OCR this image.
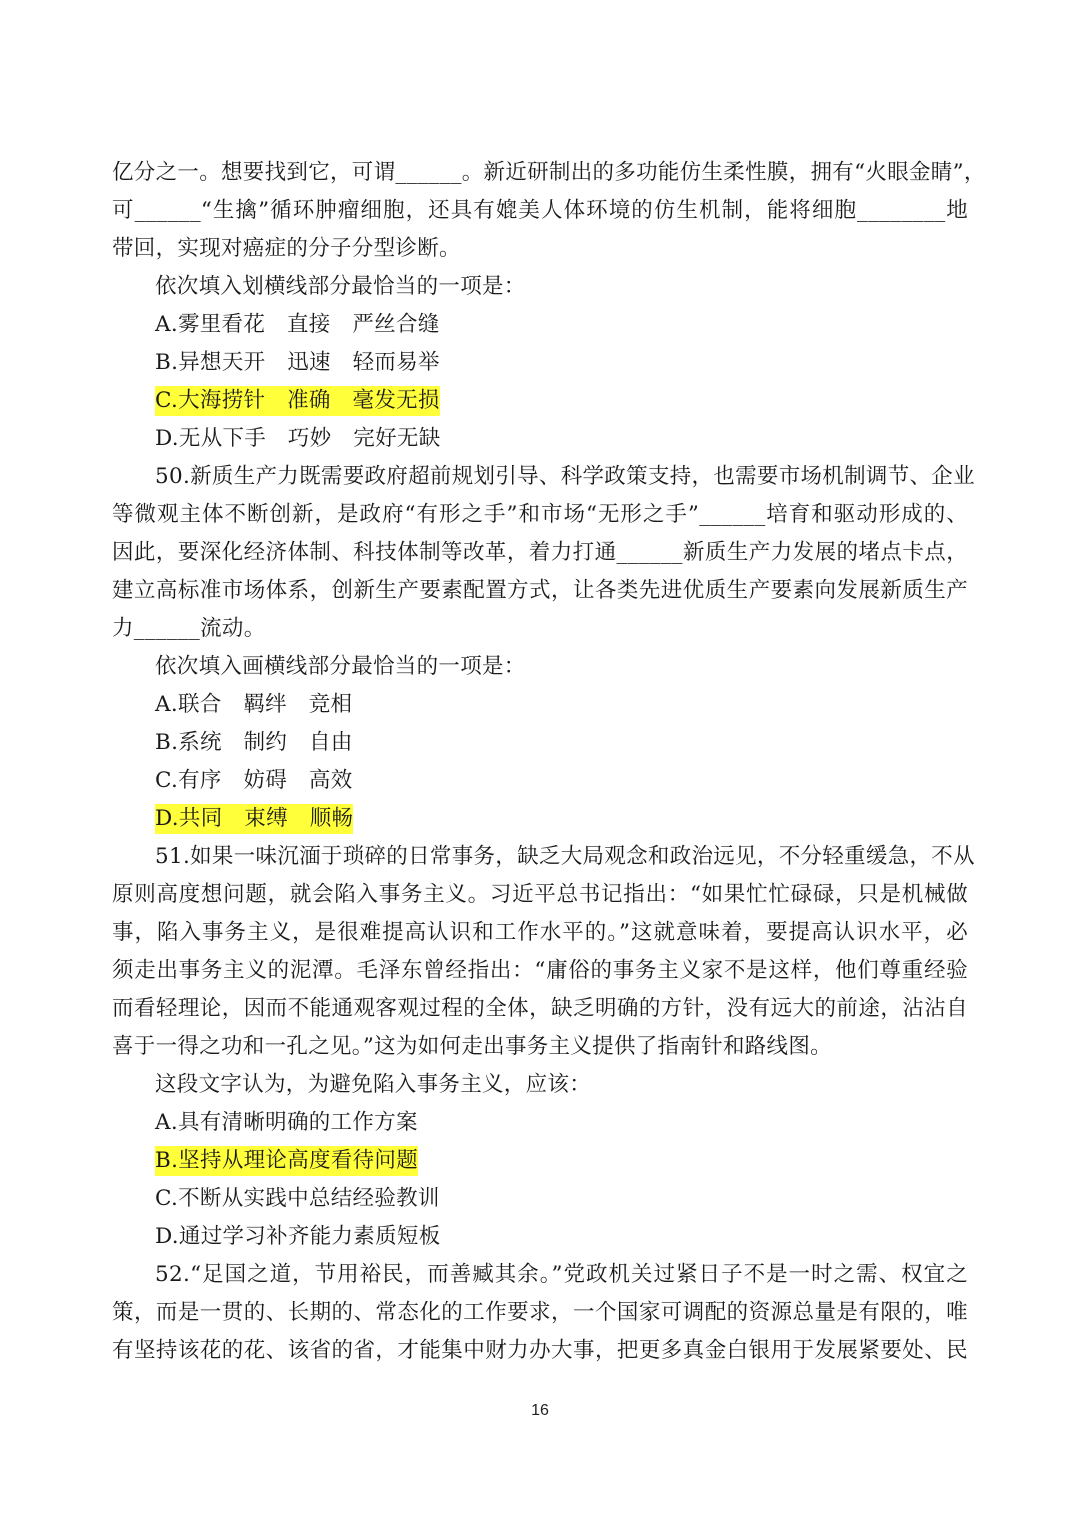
亿分之一。想要找到它，可谓______。新近研制出的多功能仿生柔性膜，拥有“火眼金睛”，
可______“生擒”循环肿瘤细胞，还具有媲美人体环境的仿生机制，能将细胞________地
带回，实现对癌症的分子分型诊断。
依次填入划横线部分最恰当的一项是：
A.雾里看花　直接　严丝合缝
B.异想天开　迅速　轻而易举
C.大海捞针　准确　毫发无损
D.无从下手　巧妙　完好无缺
50.新质生产力既需要政府超前规划引导、科学政策支持，也需要市场机制调节、企业
等微观主体不断创新，是政府“有形之手”和市场“无形之手”______培育和驱动形成的、
因此，要深化经济体制、科技体制等改革，着力打通______新质生产力发展的堵点卡点，
建立高标准市场体系，创新生产要素配置方式，让各类先进优质生产要素向发展新质生产
力______流动。
依次填入画横线部分最恰当的一项是：
A.联合　羁绊　竞相
B.系统　制约　自由
C.有序　妨碍　高效
D.共同　束缚　顺畅
51.如果一味沉湎于琐碎的日常事务，缺乏大局观念和政治远见，不分轻重缓急，不从
原则高度想问题，就会陷入事务主义。习近平总书记指出：“如果忙忙碌碌，只是机械做
事，陷入事务主义，是很难提高认识和工作水平的。”这就意味着，要提高认识水平，必
须走出事务主义的泥潭。毛泽东曾经指出：“庸俗的事务主义家不是这样，他们尊重经验
而看轻理论，因而不能通观客观过程的全体，缺乏明确的方针，没有远大的前途，沾沾自
喜于一得之功和一孔之见。”这为如何走出事务主义提供了指南针和路线图。
这段文字认为，为避免陷入事务主义，应该：
A.具有清晰明确的工作方案
B.坚持从理论高度看待问题
C.不断从实践中总结经验教训
D.通过学习补齐能力素质短板
52.“足国之道，节用裕民，而善臧其余。”党政机关过紧日子不是一时之需、权宜之
策，而是一贯的、长期的、常态化的工作要求，一个国家可调配的资源总量是有限的，唯
有坚持该花的花、该省的省，才能集中财力办大事，把更多真金白银用于发展紧要处、民
16
